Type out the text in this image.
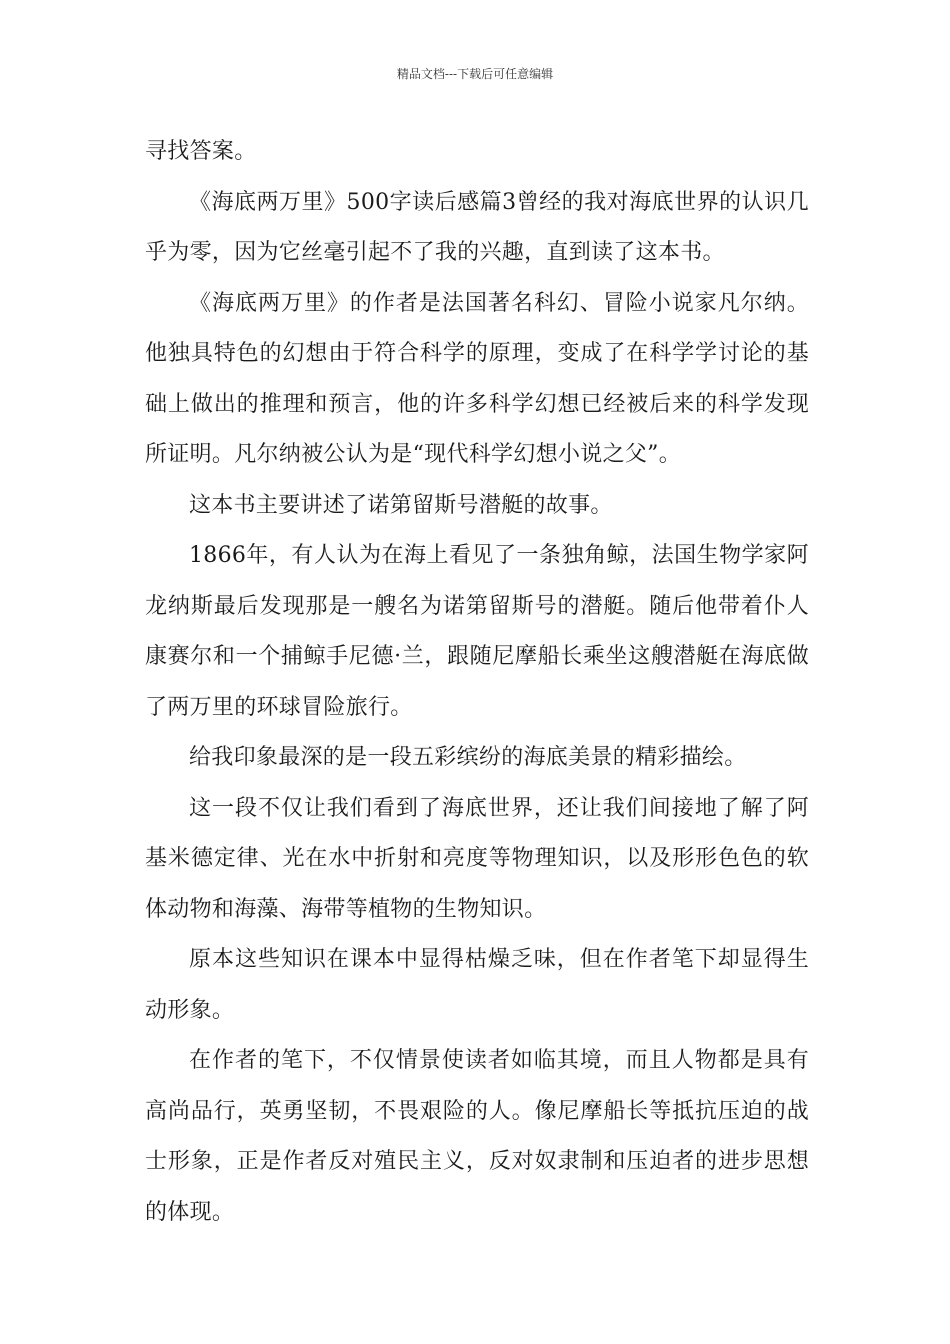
精品文档---下载后可任意编辑

寻找答案。

《海底两万里》500字读后感篇3曾经的我对海底世界的认识几乎为零，因为它丝毫引起不了我的兴趣，直到读了这本书。

《海底两万里》的作者是法国著名科幻、冒险小说家凡尔纳。他独具特色的幻想由于符合科学的原理，变成了在科学学讨论的基础上做出的推理和预言，他的许多科学幻想已经被后来的科学发现所证明。凡尔纳被公认为是“现代科学幻想小说之父”。

这本书主要讲述了诺第留斯号潜艇的故事。

1866年，有人认为在海上看见了一条独角鲸，法国生物学家阿龙纳斯最后发现那是一艘名为诺第留斯号的潜艇。随后他带着仆人康赛尔和一个捕鲸手尼德·兰，跟随尼摩船长乘坐这艘潜艇在海底做了两万里的环球冒险旅行。

给我印象最深的是一段五彩缤纷的海底美景的精彩描绘。

这一段不仅让我们看到了海底世界，还让我们间接地了解了阿基米德定律、光在水中折射和亮度等物理知识，以及形形色色的软体动物和海藻、海带等植物的生物知识。

原本这些知识在课本中显得枯燥乏味，但在作者笔下却显得生动形象。

在作者的笔下，不仅情景使读者如临其境，而且人物都是具有高尚品行，英勇坚韧，不畏艰险的人。像尼摩船长等抵抗压迫的战士形象，正是作者反对殖民主义，反对奴隶制和压迫者的进步思想的体现。
